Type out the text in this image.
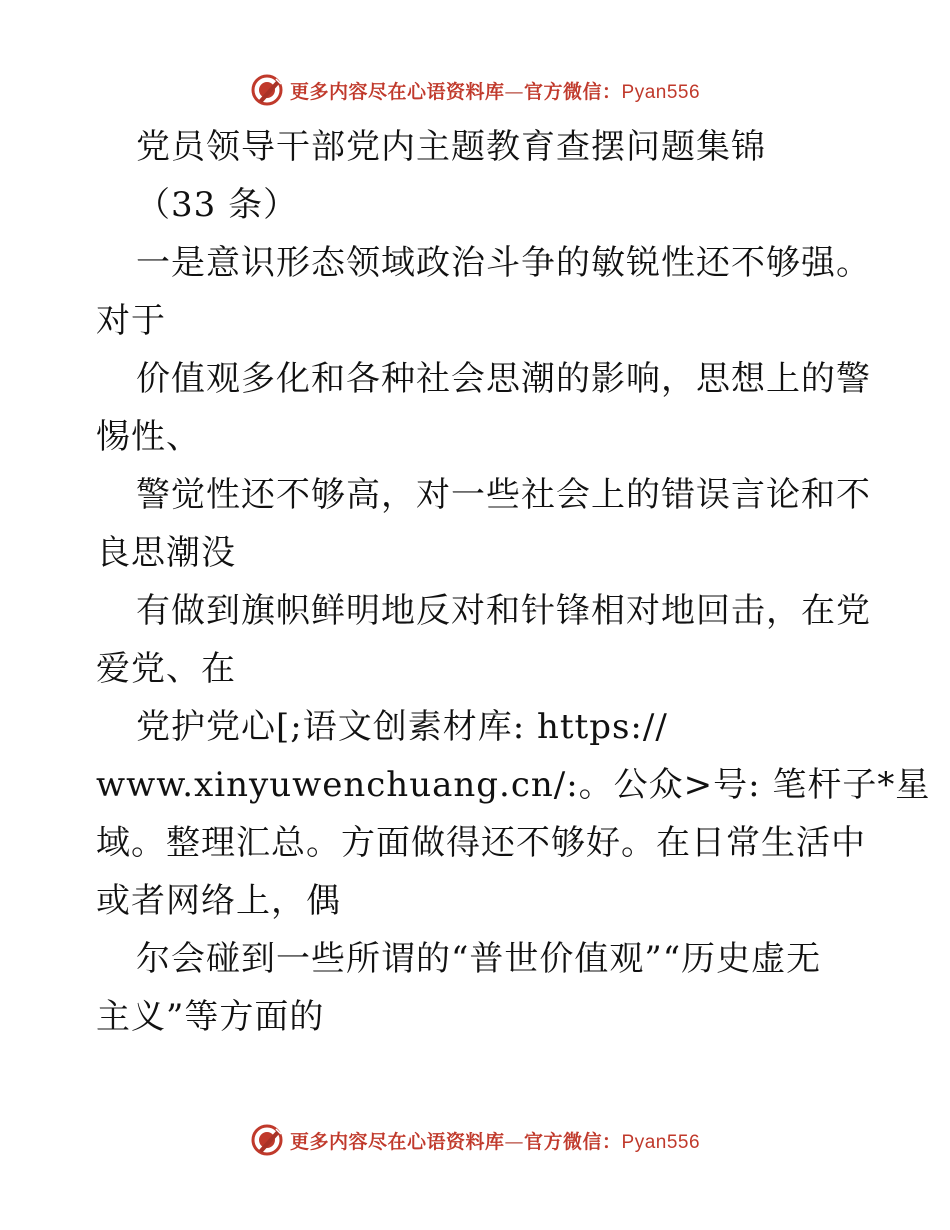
更多内容尽在心语资料库—官方微信：Pyan556
党员领导干部党内主题教育查摆问题集锦
（33 条）
一是意识形态领域政治斗争的敏锐性还不够强。
对于
价值观多化和各种社会思潮的影响，思想上的警
惕性、
警觉性还不够高，对一些社会上的错误言论和不
良思潮没
有做到旗帜鲜明地反对和针锋相对地回击，在党
爱党、在
党护党心[;语文创素材库: https://
www.xinyuwenchuang.cn/:。公众>号: 笔杆子*星
域。整理汇总。方面做得还不够好。在日常生活中
或者网络上，偶
尔会碰到一些所谓的“普世价值观”“历史虚无
主义”等方面的
更多内容尽在心语资料库—官方微信：Pyan556
